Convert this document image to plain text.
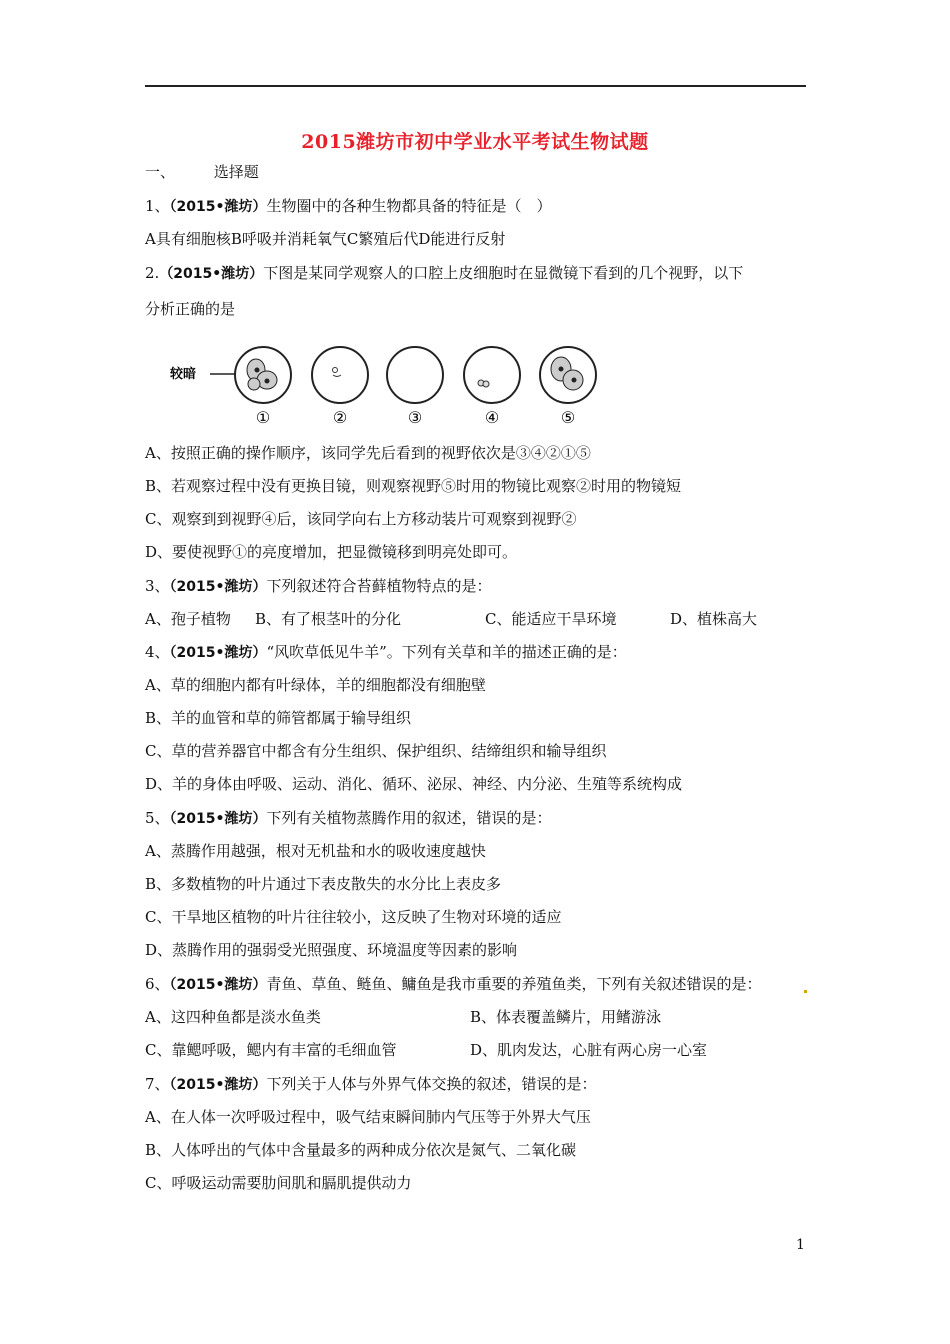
2015潍坊市初中学业水平考试生物试题
一、	选择题
1、（2015•潍坊）生物圈中的各种生物都具备的特征是（　）
A具有细胞核B呼吸并消耗氧气C繁殖后代D能进行反射
2.（2015•潍坊）下图是某同学观察人的口腔上皮细胞时在显微镜下看到的几个视野，以下
分析正确的是
较暗
①	②	③	④	⑤
A、按照正确的操作顺序，该同学先后看到的视野依次是③④②①⑤
B、若观察过程中没有更换目镜，则观察视野⑤时用的物镜比观察②时用的物镜短
C、观察到到视野④后，该同学向右上方移动装片可观察到视野②
D、要使视野①的亮度增加，把显微镜移到明亮处即可。
3、（2015•潍坊）下列叙述符合苔藓植物特点的是：
A、孢子植物 B、有了根茎叶的分化	C、能适应干旱环境	D、植株高大
4、（2015•潍坊）“风吹草低见牛羊”。下列有关草和羊的描述正确的是：
A、草的细胞内都有叶绿体，羊的细胞都没有细胞壁
B、羊的血管和草的筛管都属于输导组织
C、草的营养器官中都含有分生组织、保护组织、结缔组织和输导组织
D、羊的身体由呼吸、运动、消化、循环、泌尿、神经、内分泌、生殖等系统构成
5、（2015•潍坊）下列有关植物蒸腾作用的叙述，错误的是：
A、蒸腾作用越强，根对无机盐和水的吸收速度越快
B、多数植物的叶片通过下表皮散失的水分比上表皮多
C、干旱地区植物的叶片往往较小，这反映了生物对环境的适应
D、蒸腾作用的强弱受光照强度、环境温度等因素的影响
6、（2015•潍坊）青鱼、草鱼、鲢鱼、鳙鱼是我市重要的养殖鱼类，下列有关叙述错误的是：
A、这四种鱼都是淡水鱼类	B、体表覆盖鳞片，用鳍游泳
C、靠鳃呼吸，鳃内有丰富的毛细血管	D、肌肉发达，心脏有两心房一心室
7、（2015•潍坊）下列关于人体与外界气体交换的叙述，错误的是：
A、在人体一次呼吸过程中，吸气结束瞬间肺内气压等于外界大气压
B、人体呼出的气体中含量最多的两种成分依次是氮气、二氧化碳
C、呼吸运动需要肋间肌和膈肌提供动力
1
